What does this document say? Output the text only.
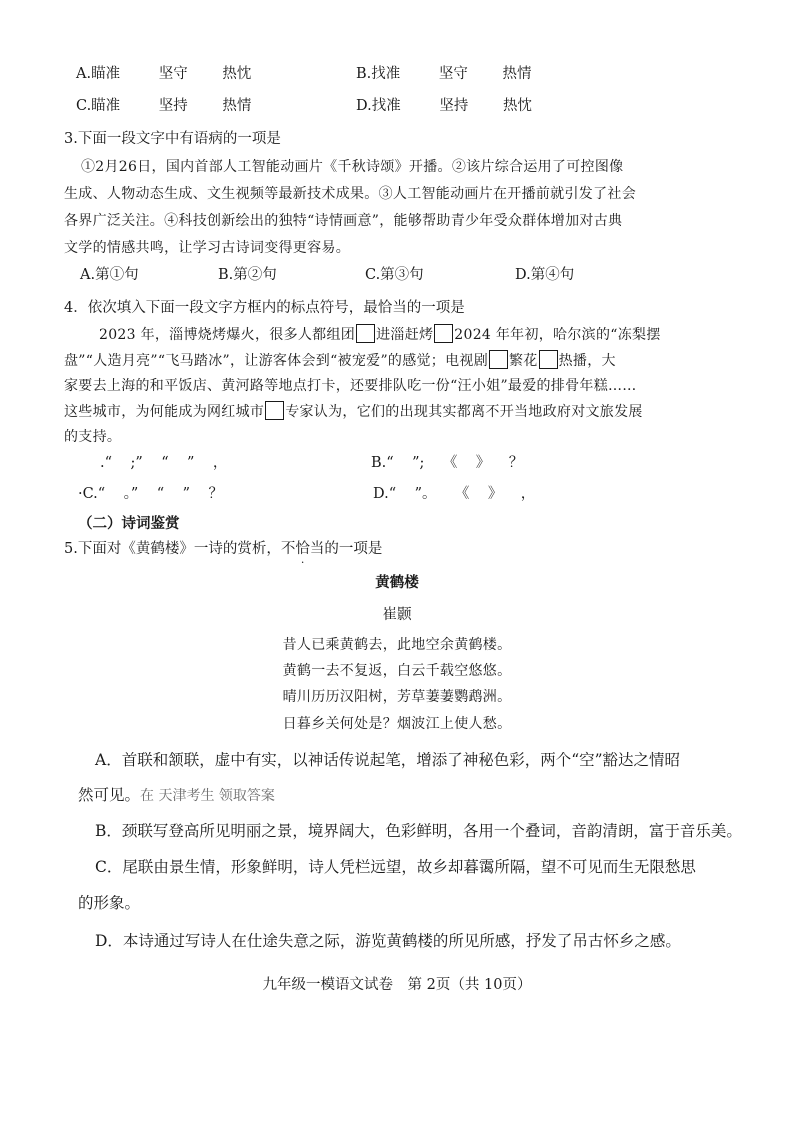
A.瞄准	坚守 热忱	B.找准	坚守 热情
C.瞄准	坚持 热情	D.找准	坚持 热忱
3.下面一段文字中有语病的一项是
①2月26日，国内首部人工智能动画片《千秋诗颂》开播。②该片综合运用了可控图像
生成、人物动态生成、文生视频等最新技术成果。③人工智能动画片在开播前就引发了社会
各界广泛关注。④科技创新绘出的独特“诗情画意”，能够帮助青少年受众群体增加对古典
文学的情感共鸣，让学习古诗词变得更容易。
A.第①句	B.第②句	C.第③句	D.第④句
4．依次填入下面一段文字方框内的标点符号，最恰当的一项是
2023 年，淄博烧烤爆火，很多人都组团 进淄赶烤 2024 年年初，哈尔滨的“冻梨摆
盘”“人造月亮”“飞马踏冰”，让游客体会到“被宠爱”的感觉；电视剧 繁花 热播，大
家要去上海的和平饭店、黄河路等地点打卡，还要排队吃一份“汪小姐”最爱的排骨年糕……
这些城市，为何能成为网红城市 专家认为，它们的出现其实都离不开当地政府对文旅发展
的支持。
.“    ;”    “    ”    ，	B.“    ”;    《    》    ？
·C.“    。”    “    ”    ？	D.“    ”。    《    》    ，
（二）诗词鉴赏
5.下面对《黄鹤楼》一诗的赏析，不恰当的一项是
黄鹤楼
崔颢
昔人已乘黄鹤去，此地空余黄鹤楼。
黄鹤一去不复返，白云千载空悠悠。
晴川历历汉阳树，芳草萋萋鹦鹉洲。
日暮乡关何处是？烟波江上使人愁。
A．首联和颔联，虚中有实，以神话传说起笔，增添了神秘色彩，两个“空”豁达之情昭
然可见。在 天津考生 领取答案
B．颈联写登高所见明丽之景，境界阔大，色彩鲜明，各用一个叠词，音韵清朗，富于音乐美。
C．尾联由景生情，形象鲜明，诗人凭栏远望，故乡却暮霭所隔，望不可见而生无限愁思
的形象。
D．本诗通过写诗人在仕途失意之际，游览黄鹤楼的所见所感，抒发了吊古怀乡之感。
九年级一模语文试卷　第 2页（共 10页）
